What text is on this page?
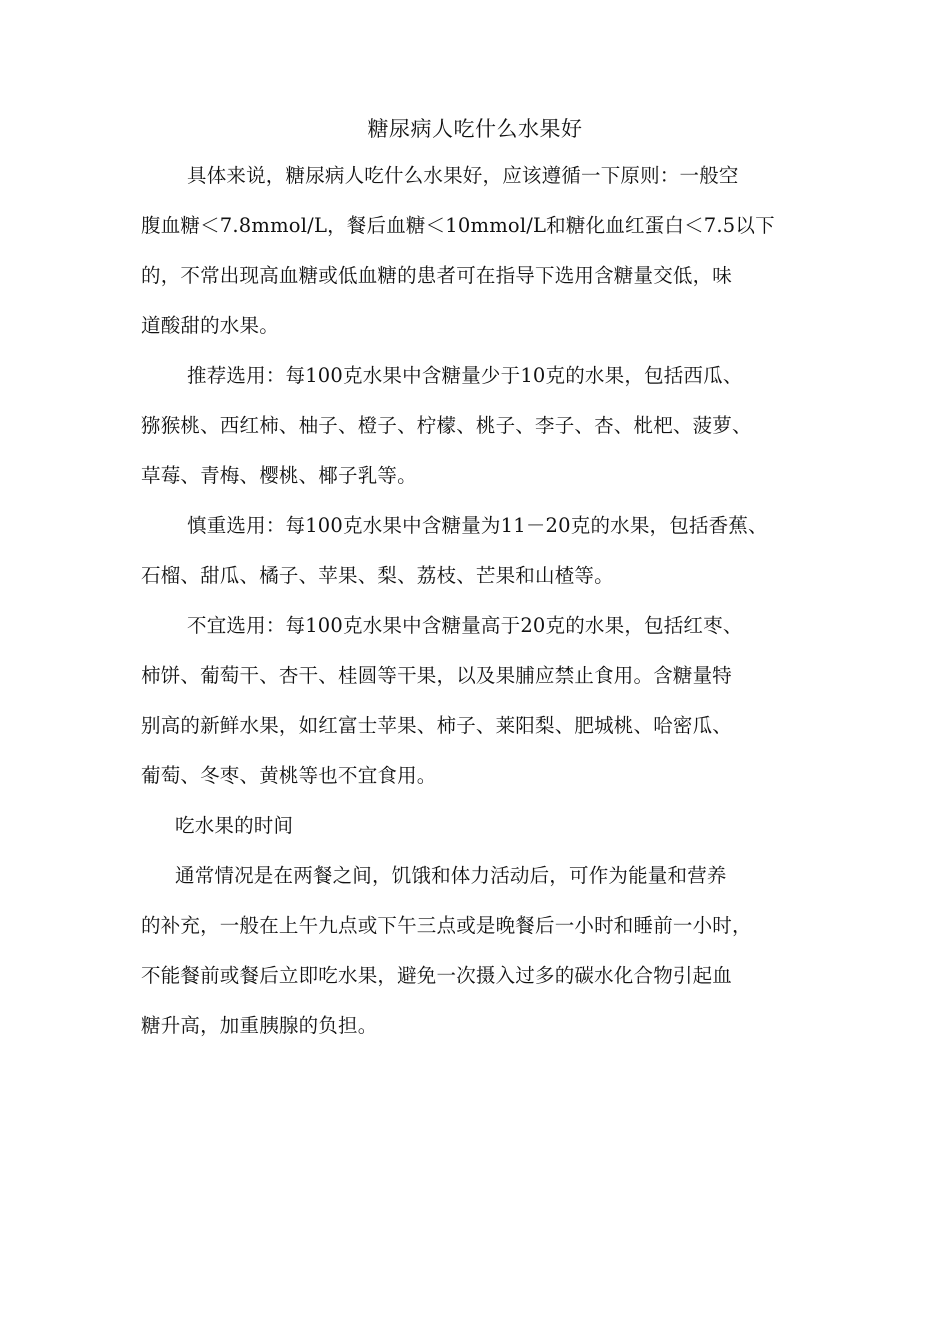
糖尿病人吃什么水果好
具体来说，糖尿病人吃什么水果好，应该遵循一下原则：一般空
腹血糖＜7.8mmol/L，餐后血糖＜10mmol/L和糖化血红蛋白＜7.5以下
的，不常出现高血糖或低血糖的患者可在指导下选用含糖量交低，味
道酸甜的水果。
推荐选用：每100克水果中含糖量少于10克的水果，包括西瓜、
猕猴桃、西红柿、柚子、橙子、柠檬、桃子、李子、杏、枇杷、菠萝、
草莓、青梅、樱桃、椰子乳等。
慎重选用：每100克水果中含糖量为11－20克的水果，包括香蕉、
石榴、甜瓜、橘子、苹果、梨、荔枝、芒果和山楂等。
不宜选用：每100克水果中含糖量高于20克的水果，包括红枣、
柿饼、葡萄干、杏干、桂圆等干果，以及果脯应禁止食用。含糖量特
别高的新鲜水果，如红富士苹果、柿子、莱阳梨、肥城桃、哈密瓜、
葡萄、冬枣、黄桃等也不宜食用。
吃水果的时间
通常情况是在两餐之间，饥饿和体力活动后，可作为能量和营养
的补充，一般在上午九点或下午三点或是晚餐后一小时和睡前一小时，
不能餐前或餐后立即吃水果，避免一次摄入过多的碳水化合物引起血
糖升高，加重胰腺的负担。
